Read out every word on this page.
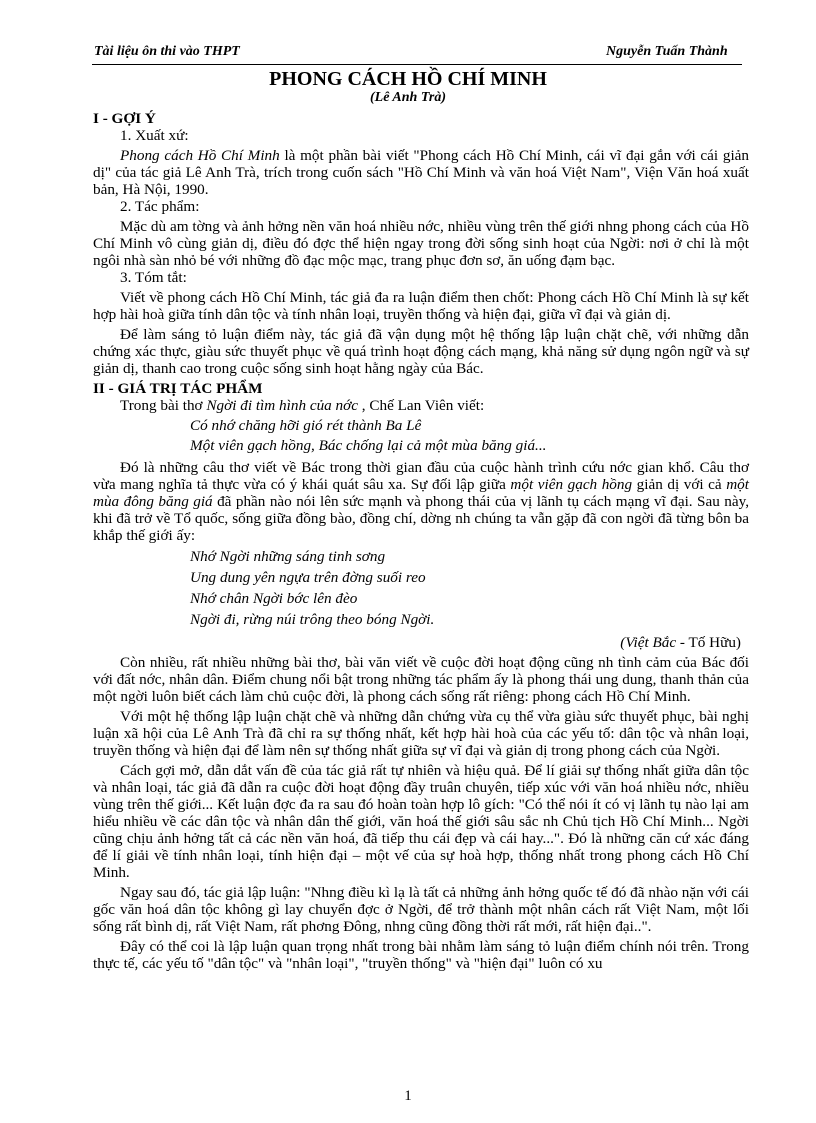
Tài liệu ôn thi vào THPT	Nguyễn Tuấn Thành
PHONG CÁCH HỒ CHÍ MINH
(Lê Anh Trà)

I - GỢI Ý

1. Xuất xứ:

Phong cách Hồ Chí Minh là một phần bài viết "Phong cách Hồ Chí Minh, cái vĩ đại gắn với cái giản dị" của tác giả Lê Anh Trà, trích trong cuốn sách "Hồ Chí Minh và văn hoá Việt Nam", Viện Văn hoá xuất bản, Hà Nội, 1990.

2. Tác phẩm:

Mặc dù am tờng và ảnh hởng nền văn hoá nhiều nớc, nhiều vùng trên thế giới nhng phong cách của Hồ Chí Minh vô cùng giản dị, điều đó đợc thể hiện ngay trong đời sống sinh hoạt của Ngời: nơi ở chỉ là một ngôi nhà sàn nhỏ bé với những đồ đạc mộc mạc, trang phục đơn sơ, ăn uống đạm bạc.

3. Tóm tắt:

Viết về phong cách Hồ Chí Minh, tác giả đa ra luận điểm then chốt: Phong cách Hồ Chí Minh là sự kết hợp hài hoà giữa tính dân tộc và tính nhân loại, truyền thống và hiện đại, giữa vĩ đại và giản dị.

Để làm sáng tỏ luận điểm này, tác giả đã vận dụng một hệ thống lập luận chặt chẽ, với những dẫn chứng xác thực, giàu sức thuyết phục về quá trình hoạt động cách mạng, khả năng sử dụng ngôn ngữ và sự giản dị, thanh cao trong cuộc sống sinh hoạt hằng ngày của Bác.

II - GIÁ TRỊ TÁC PHẨM

Trong bài thơ Ngời đi tìm hình của nớc , Chế Lan Viên viết:

Có nhớ chăng hỡi gió rét thành Ba Lê

Một viên gạch hồng, Bác chống lại cả một mùa băng giá...

Đó là những câu thơ viết về Bác trong thời gian đầu của cuộc hành trình cứu nớc gian khổ. Câu thơ vừa mang nghĩa tả thực vừa có ý khái quát sâu xa. Sự đối lập giữa một viên gạch hồng giản dị với cả một mùa đông băng giá đã phần nào nói lên sức mạnh và phong thái của vị lãnh tụ cách mạng vĩ đại. Sau này, khi đã trở về Tổ quốc, sống giữa đồng bào, đồng chí, dờng nh chúng ta vẫn gặp đã con ngời đã từng bôn ba khắp thế giới ấy:

Nhớ Ngời những sáng tinh sơng

Ung dung yên ngựa trên đờng suối reo

Nhớ chân Ngời bớc lên đèo

Ngời đi, rừng núi trông theo bóng Ngời.

(Việt Bắc - Tố Hữu)

Còn nhiều, rất nhiều những bài thơ, bài văn viết về cuộc đời hoạt động cũng nh tình cảm của Bác đối với đất nớc, nhân dân. Điểm chung nổi bật trong những tác phẩm ấy là phong thái ung dung, thanh thản của một ngời luôn biết cách làm chủ cuộc đời, là phong cách sống rất riêng: phong cách Hồ Chí Minh.

Với một hệ thống lập luận chặt chẽ và những dẫn chứng vừa cụ thể vừa giàu sức thuyết phục, bài nghị luận xã hội của Lê Anh Trà đã chỉ ra sự thống nhất, kết hợp hài hoà của các yếu tố: dân tộc và nhân loại, truyền thống và hiện đại để làm nên sự thống nhất giữa sự vĩ đại và giản dị trong phong cách của Ngời.

Cách gợi mở, dẫn dắt vấn đề của tác giả rất tự nhiên và hiệu quả. Để lí giải sự thống nhất giữa dân tộc và nhân loại, tác giả đã dẫn ra cuộc đời hoạt động đầy truân chuyên, tiếp xúc với văn hoá nhiều nớc, nhiều vùng trên thế giới... Kết luận đợc đa ra sau đó hoàn toàn hợp lô gích: "Có thể nói ít có vị lãnh tụ nào lại am hiểu nhiều về các dân tộc và nhân dân thế giới, văn hoá thế giới sâu sắc nh Chủ tịch Hồ Chí Minh... Ngời cũng chịu ảnh hởng tất cả các nền văn hoá, đã tiếp thu cái đẹp và cái hay...". Đó là những căn cứ xác đáng để lí giải về tính nhân loại, tính hiện đại – một vế của sự hoà hợp, thống nhất trong phong cách Hồ Chí Minh.

Ngay sau đó, tác giả lập luận: "Nhng điều kì lạ là tất cả những ảnh hởng quốc tế đó đã nhào nặn với cái gốc văn hoá dân tộc không gì lay chuyển đợc ở Ngời, để trở thành một nhân cách rất Việt Nam, một lối sống rất bình dị, rất Việt Nam, rất phơng Đông, nhng cũng đồng thời rất mới, rất hiện đại..".

Đây có thể coi là lập luận quan trọng nhất trong bài nhằm làm sáng tỏ luận điểm chính nói trên. Trong thực tế, các yếu tố "dân tộc" và "nhân loại", "truyền thống" và "hiện đại" luôn có xu

1
